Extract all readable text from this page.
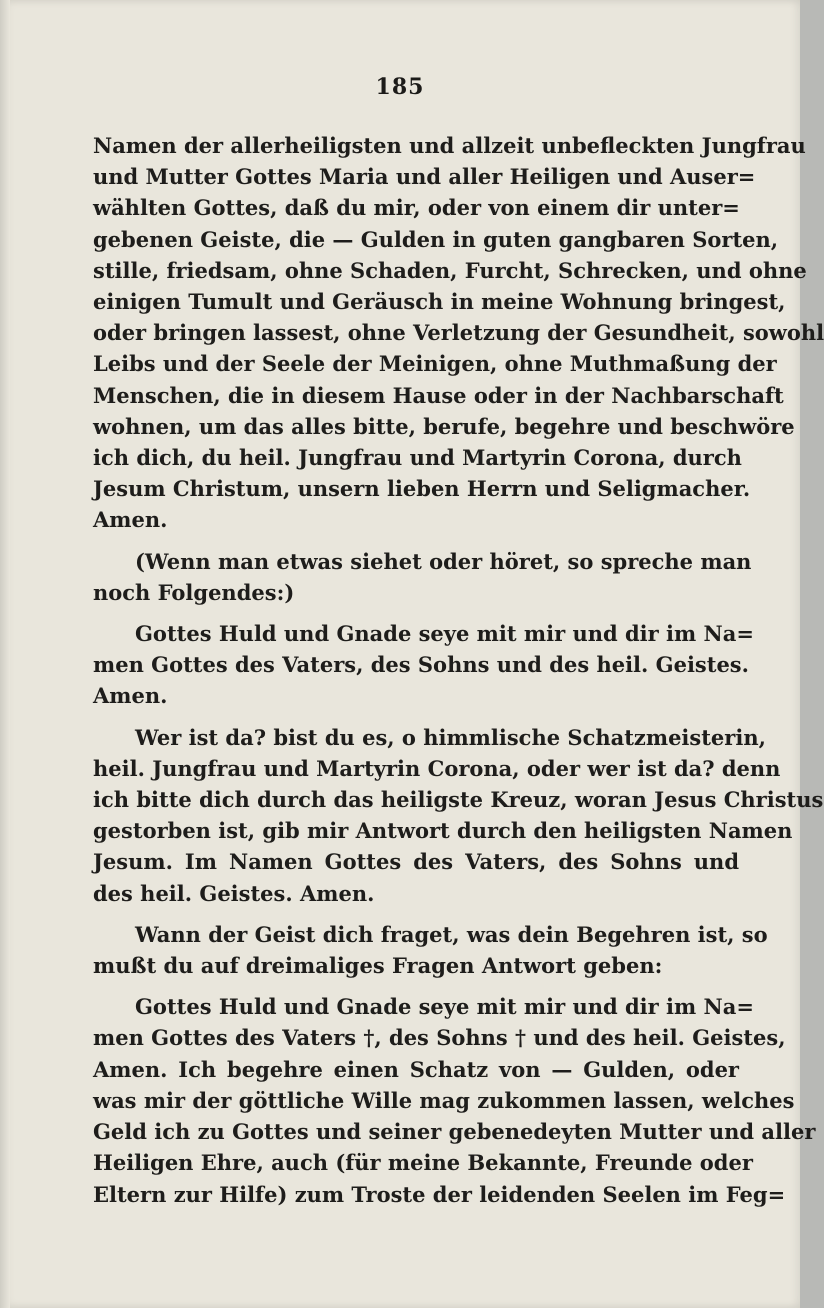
185
Namen der allerheiligsten und allzeit unbefleckten Jungfrau
und Mutter Gottes Maria und aller Heiligen und Auser=
wählten Gottes, daß du mir, oder von einem dir unter=
gebenen Geiste, die — Gulden in guten gangbaren Sorten,
stille, friedsam, ohne Schaden, Furcht, Schrecken, und ohne
einigen Tumult und Geräusch in meine Wohnung bringest,
oder bringen lassest, ohne Verletzung der Gesundheit, sowohl
Leibs und der Seele der Meinigen, ohne Muthmaßung der
Menschen, die in diesem Hause oder in der Nachbarschaft
wohnen, um das alles bitte, berufe, begehre und beschwöre
ich dich, du heil. Jungfrau und Martyrin Corona, durch
Jesum Christum, unsern lieben Herrn und Seligmacher.
Amen.
(Wenn man etwas siehet oder höret, so spreche man
noch Folgendes:)
Gottes Huld und Gnade seye mit mir und dir im Na=
men Gottes des Vaters, des Sohns und des heil. Geistes.
Amen.
Wer ist da? bist du es, o himmlische Schatzmeisterin,
heil. Jungfrau und Martyrin Corona, oder wer ist da? denn
ich bitte dich durch das heiligste Kreuz, woran Jesus Christus
gestorben ist, gib mir Antwort durch den heiligsten Namen
Jesum. Im Namen Gottes des Vaters, des Sohns und
des heil. Geistes. Amen.
Wann der Geist dich fraget, was dein Begehren ist, so
mußt du auf dreimaliges Fragen Antwort geben:
Gottes Huld und Gnade seye mit mir und dir im Na=
men Gottes des Vaters †, des Sohns † und des heil. Geistes,
Amen. Ich begehre einen Schatz von — Gulden, oder
was mir der göttliche Wille mag zukommen lassen, welches
Geld ich zu Gottes und seiner gebenedeyten Mutter und aller
Heiligen Ehre, auch (für meine Bekannte, Freunde oder
Eltern zur Hilfe) zum Troste der leidenden Seelen im Feg=
